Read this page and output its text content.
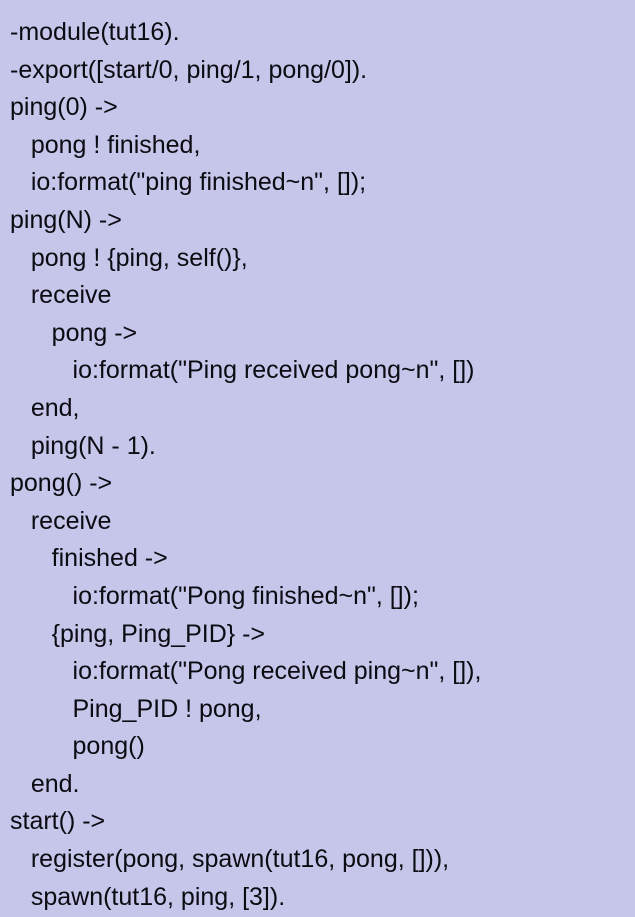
-module(tut16).
-export([start/0, ping/1, pong/0]).
ping(0) ->
pong ! finished,
io:format("ping finished~n", []);
ping(N) ->
pong ! {ping, self()},
receive
pong ->
io:format("Ping received pong~n", [])
end,
ping(N - 1).
pong() ->
receive
finished ->
io:format("Pong finished~n", []);
{ping, Ping_PID} ->
io:format("Pong received ping~n", []),
Ping_PID ! pong,
pong()
end.
start() ->
register(pong, spawn(tut16, pong, [])),
spawn(tut16, ping, [3]).
